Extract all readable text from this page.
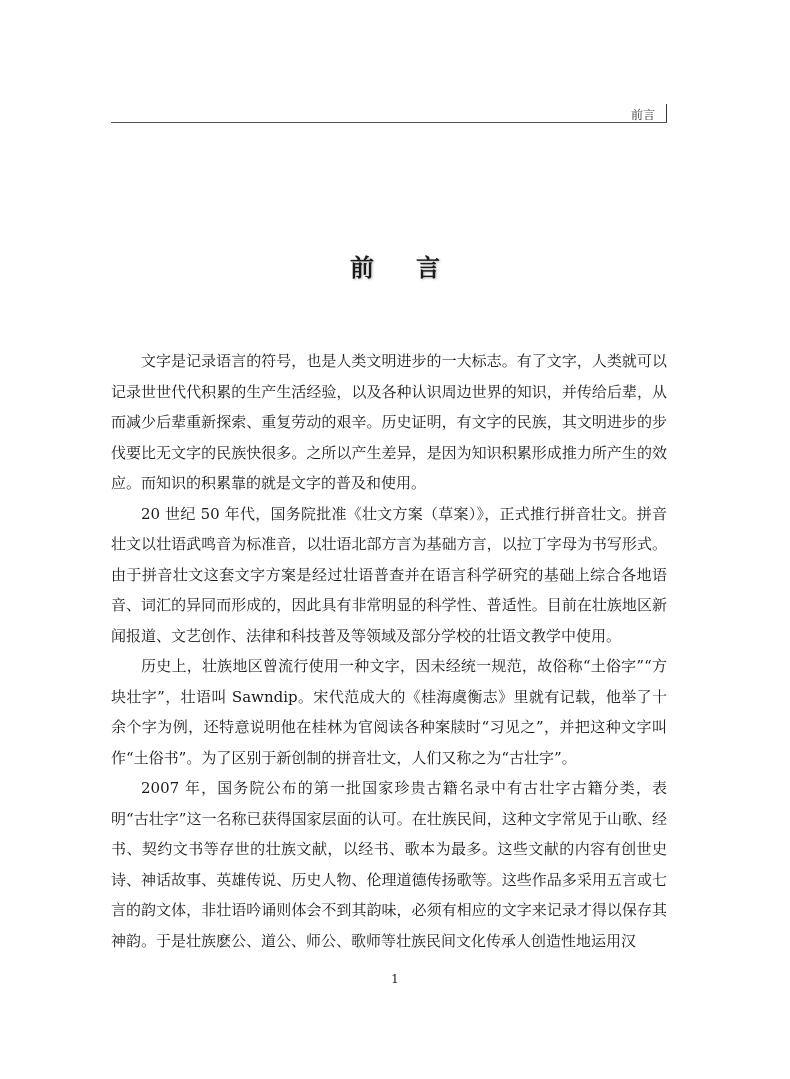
前言
前言

文字是记录语言的符号，也是人类文明进步的一大标志。有了文字，人类就可以记录世世代代积累的生产生活经验，以及各种认识周边世界的知识，并传给后辈，从而减少后辈重新探索、重复劳动的艰辛。历史证明，有文字的民族，其文明进步的步伐要比无文字的民族快很多。之所以产生差异，是因为知识积累形成推力所产生的效应。而知识的积累靠的就是文字的普及和使用。

20 世纪 50 年代，国务院批准《壮文方案（草案）》，正式推行拼音壮文。拼音壮文以壮语武鸣音为标准音，以壮语北部方言为基础方言，以拉丁字母为书写形式。由于拼音壮文这套文字方案是经过壮语普查并在语言科学研究的基础上综合各地语音、词汇的异同而形成的，因此具有非常明显的科学性、普适性。目前在壮族地区新闻报道、文艺创作、法律和科技普及等领域及部分学校的壮语文教学中使用。

历史上，壮族地区曾流行使用一种文字，因未经统一规范，故俗称“土俗字”“方块壮字”，壮语叫 Sawndip。宋代范成大的《桂海虞衡志》里就有记载，他举了十余个字为例，还特意说明他在桂林为官阅读各种案牍时“习见之”，并把这种文字叫作“土俗书”。为了区别于新创制的拼音壮文，人们又称之为“古壮字”。

2007 年，国务院公布的第一批国家珍贵古籍名录中有古壮字古籍分类，表明“古壮字”这一名称已获得国家层面的认可。在壮族民间，这种文字常见于山歌、经书、契约文书等存世的壮族文献，以经书、歌本为最多。这些文献的内容有创世史诗、神话故事、英雄传说、历史人物、伦理道德传扬歌等。这些作品多采用五言或七言的韵文体，非壮语吟诵则体会不到其韵味，必须有相应的文字来记录才得以保存其神韵。于是壮族麽公、道公、师公、歌师等壮族民间文化传承人创造性地运用汉

1
